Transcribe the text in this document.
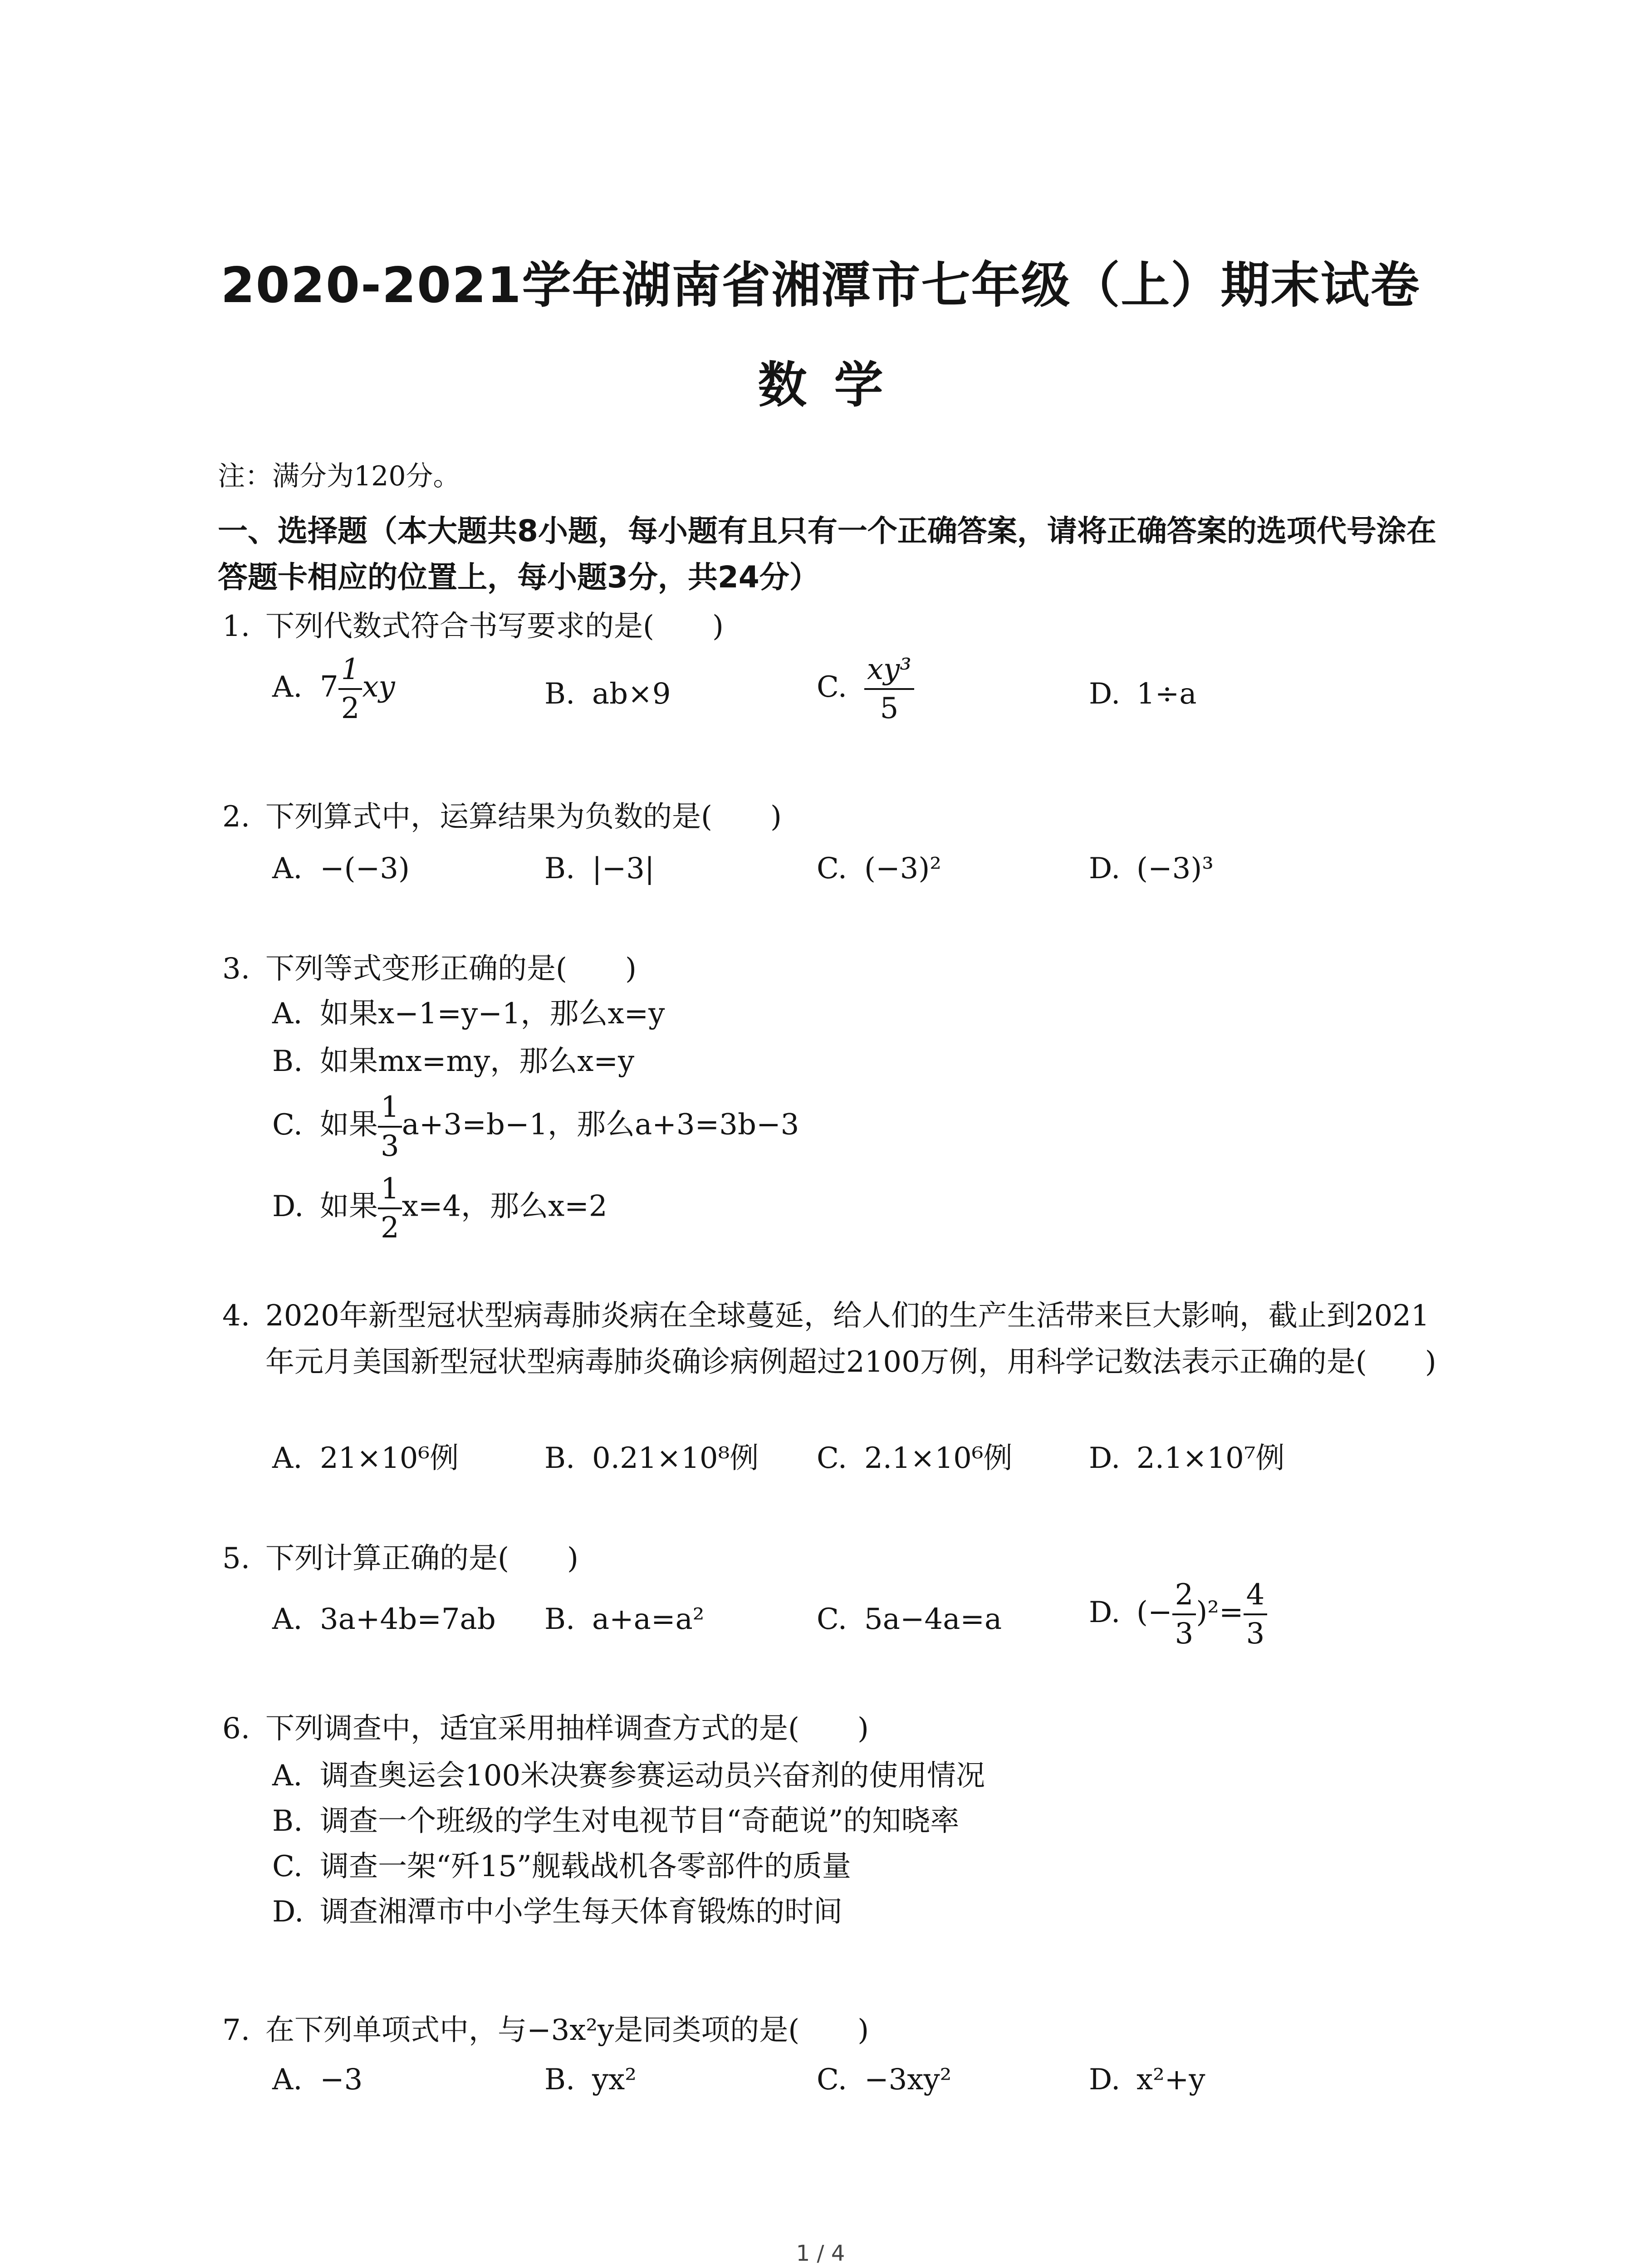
2020-2021学年湖南省湘潭市七年级（上）期末试卷
数学
注：满分为120分。
一、选择题（本大题共8小题，每小题有且只有一个正确答案，请将正确答案的选项代号涂在答题卡相应的位置上，每小题3分，共24分）
1. 下列代数式符合书写要求的是(　　)
A. $7 \frac{1}{2}$ xy	B. ab×9	C. $\frac{\text{xy³}}{5}$	D. 1÷a
2. 下列算式中，运算结果为负数的是(　　)
A. −(−3)	B. |−3|	C. (−3)²	D. (−3)³
3. 下列等式变形正确的是(　　)
A. 如果x−1=y−1，那么x=y
B. 如果mx=my，那么x=y
C. 如果 $\frac{1}{3} a+3=b-1$，那么a+3=3b−3
D. 如果 $\frac{1}{2} x=4$，那么x=2
4. 2020年新型冠状型病毒肺炎病在全球蔓延，给人们的生产生活带来巨大影响，截止到2021年元月美国新型冠状型病毒肺炎确诊病例超过2100万例，用科学记数法表示正确的是(　　)
A. 21×10⁶例	B. 0.21×10⁸例 C. 2.1×10⁶例	D. 2.1×10⁷例
5. 下列计算正确的是(　　)
A. 3a+4b=7ab B. a+a=a²	C. 5a−4a=a	D. (− $\frac{2}{3} )^2= \frac{4}{3}$
6. 下列调查中，适宜采用抽样调查方式的是(　　)
A. 调查奥运会100米决赛参赛运动员兴奋剂的使用情况
B. 调查一个班级的学生对电视节目“奇葩说”的知晓率
C. 调查一架“歼15”舰载战机各零部件的质量
D. 调查湘潭市中小学生每天体育锻炼的时间
7. 在下列单项式中，与−3x²y是同类项的是(　　)
A. −3	B. yx²	C. −3xy²	D. x²+y
1 / 4
